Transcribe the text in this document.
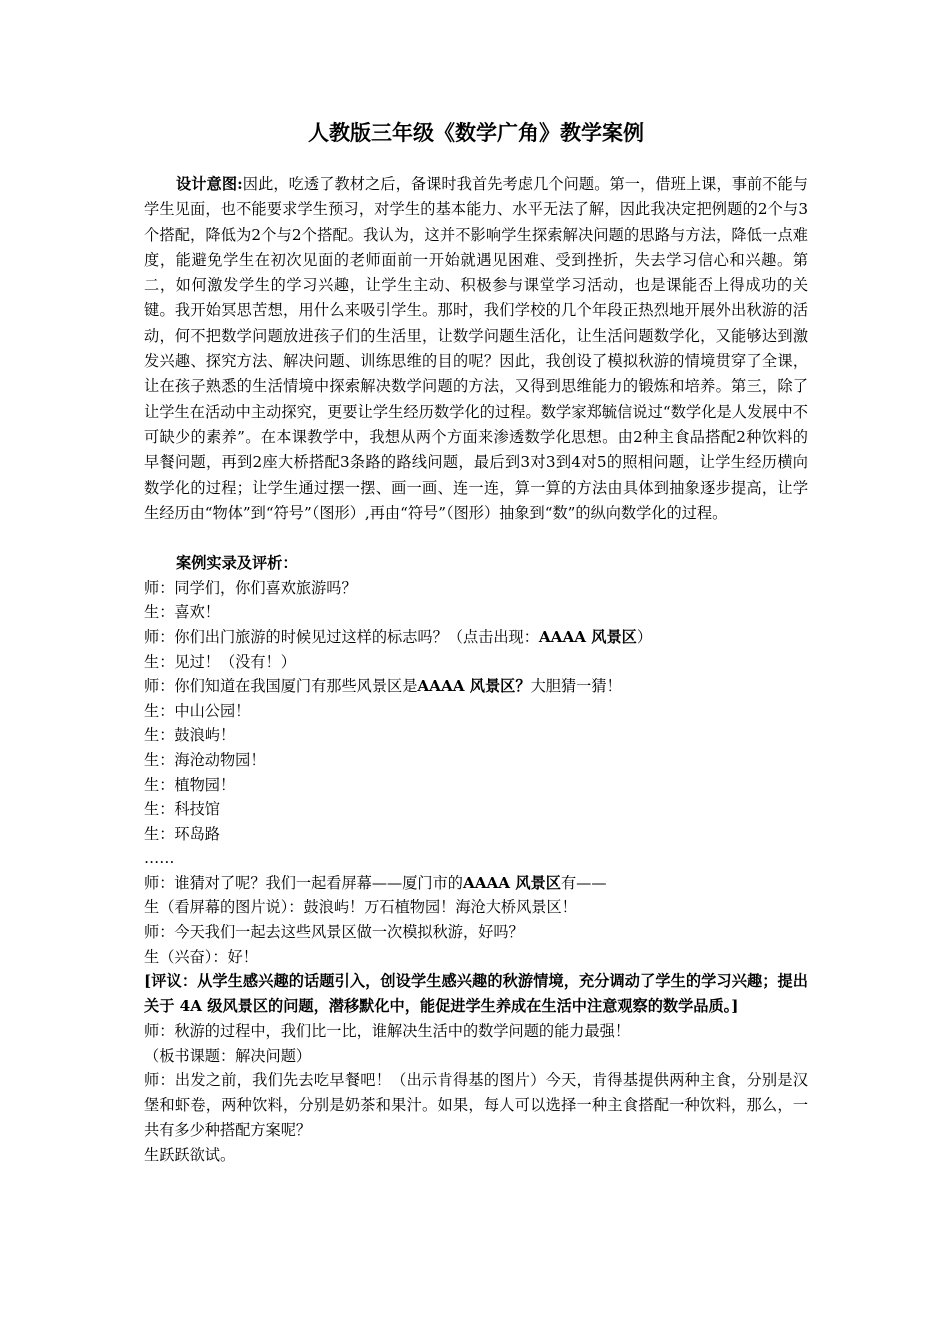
人教版三年级《数学广角》教学案例

设计意图:因此，吃透了教材之后，备课时我首先考虑几个问题。第一，借班上课，事前不能与学生见面，也不能要求学生预习，对学生的基本能力、水平无法了解，因此我决定把例题的2个与3个搭配，降低为2个与2个搭配。我认为，这并不影响学生探索解决问题的思路与方法，降低一点难度，能避免学生在初次见面的老师面前一开始就遇见困难、受到挫折，失去学习信心和兴趣。第二，如何激发学生的学习兴趣，让学生主动、积极参与课堂学习活动，也是课能否上得成功的关键。我开始冥思苦想，用什么来吸引学生。那时，我们学校的几个年段正热烈地开展外出秋游的活动，何不把数学问题放进孩子们的生活里，让数学问题生活化，让生活问题数学化，又能够达到激发兴趣、探究方法、解决问题、训练思维的目的呢？因此，我创设了模拟秋游的情境贯穿了全课，让在孩子熟悉的生活情境中探索解决数学问题的方法，又得到思维能力的锻炼和培养。第三，除了让学生在活动中主动探究，更要让学生经历数学化的过程。数学家郑毓信说过“数学化是人发展中不可缺少的素养”。在本课教学中，我想从两个方面来渗透数学化思想。由2种主食品搭配2种饮料的早餐问题，再到2座大桥搭配3条路的路线问题，最后到3对3到4对5的照相问题，让学生经历横向数学化的过程；让学生通过摆一摆、画一画、连一连，算一算的方法由具体到抽象逐步提高，让学生经历由“物体”到“符号”（图形）,再由“符号”（图形）抽象到“数”的纵向数学化的过程。

案例实录及评析：

师：同学们，你们喜欢旅游吗？

生：喜欢！

师：你们出门旅游的时候见过这样的标志吗？（点击出现：AAAA 风景区）

生：见过！（没有！）

师：你们知道在我国厦门有那些风景区是AAAA 风景区？大胆猜一猜！

生：中山公园！

生：鼓浪屿！

生：海沧动物园！

生：植物园！

生：科技馆

生：环岛路

……

师：谁猜对了呢？我们一起看屏幕——厦门市的AAAA 风景区有——

生（看屏幕的图片说）：鼓浪屿！万石植物园！海沧大桥风景区！

师：今天我们一起去这些风景区做一次模拟秋游，好吗？

生（兴奋）：好！

[评议：从学生感兴趣的话题引入，创设学生感兴趣的秋游情境，充分调动了学生的学习兴趣；提出关于 4A 级风景区的问题，潜移默化中，能促进学生养成在生活中注意观察的数学品质。]

师：秋游的过程中，我们比一比，谁解决生活中的数学问题的能力最强！

（板书课题：解决问题）

师：出发之前，我们先去吃早餐吧！（出示肯得基的图片）今天，肯得基提供两种主食，分别是汉堡和虾卷，两种饮料，分别是奶茶和果汁。如果，每人可以选择一种主食搭配一种饮料，那么，一共有多少种搭配方案呢？

生跃跃欲试。
